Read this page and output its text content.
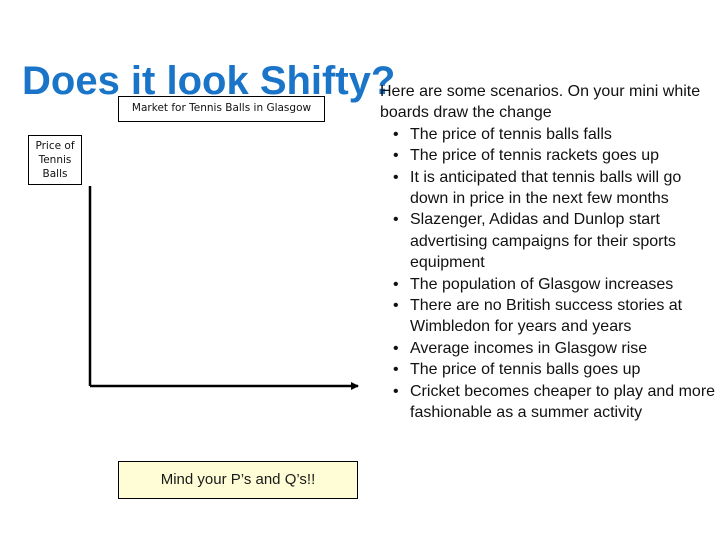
Does it look Shifty?
Market for Tennis Balls in Glasgow
Price of Tennis Balls
Mind your P’s and Q’s!!

Here are some scenarios. On your mini white boards draw the change

• The price of tennis balls falls
• The price of tennis rackets goes up
• It is anticipated that tennis balls will go down in price in the next few months
• Slazenger, Adidas and Dunlop start advertising campaigns for their sports equipment
• The population of Glasgow increases
• There are no British success stories at Wimbledon for years and years
• Average incomes in Glasgow rise
• The price of tennis balls goes up
• Cricket becomes cheaper to play and more fashionable as a summer activity
